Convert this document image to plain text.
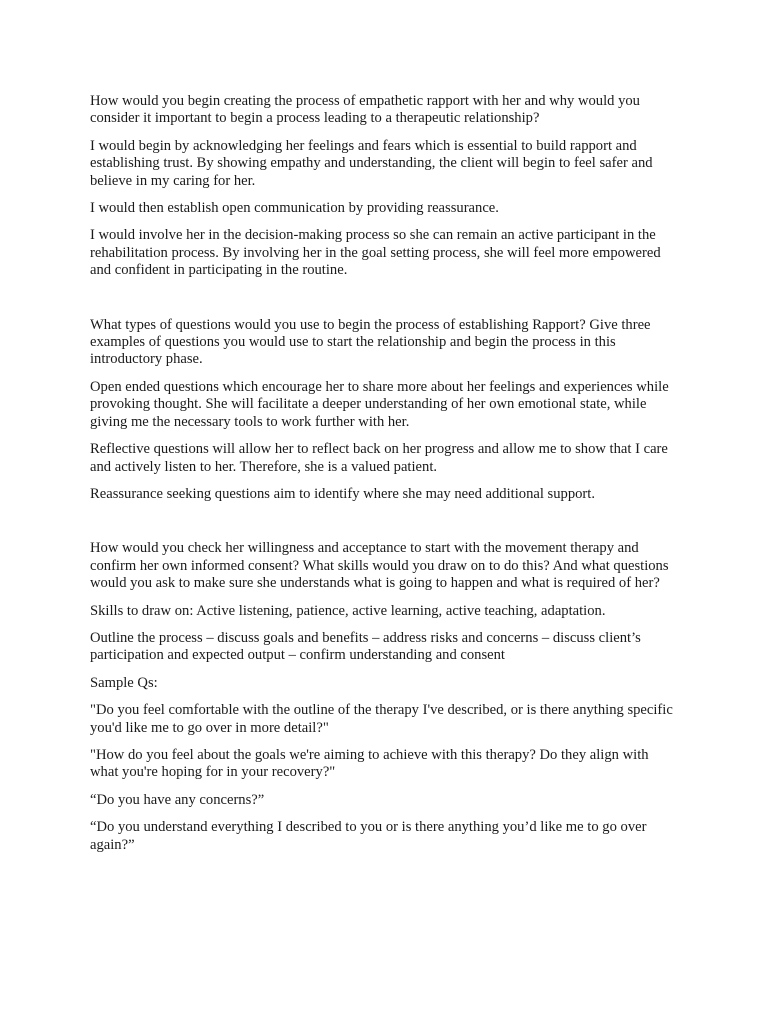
How would you begin creating the process of empathetic rapport with her and why would you consider it important to begin a process leading to a therapeutic relationship?

I would begin by acknowledging her feelings and fears which is essential to build rapport and establishing trust. By showing empathy and understanding, the client will begin to feel safer and believe in my caring for her.

I would then establish open communication by providing reassurance.

I would involve her in the decision-making process so she can remain an active participant in the rehabilitation process. By involving her in the goal setting process, she will feel more empowered and confident in participating in the routine.

What types of questions would you use to begin the process of establishing Rapport? Give three examples of questions you would use to start the relationship and begin the process in this introductory phase.

Open ended questions which encourage her to share more about her feelings and experiences while provoking thought. She will facilitate a deeper understanding of her own emotional state, while giving me the necessary tools to work further with her.

Reflective questions will allow her to reflect back on her progress and allow me to show that I care and actively listen to her. Therefore, she is a valued patient.

Reassurance seeking questions aim to identify where she may need additional support.

How would you check her willingness and acceptance to start with the movement therapy and confirm her own informed consent? What skills would you draw on to do this? And what questions would you ask to make sure she understands what is going to happen and what is required of her?

Skills to draw on: Active listening, patience, active learning, active teaching, adaptation.

Outline the process – discuss goals and benefits – address risks and concerns – discuss client’s participation and expected output – confirm understanding and consent

Sample Qs:

"Do you feel comfortable with the outline of the therapy I've described, or is there anything specific you'd like me to go over in more detail?"

"How do you feel about the goals we're aiming to achieve with this therapy? Do they align with what you're hoping for in your recovery?"

“Do you have any concerns?”

“Do you understand everything I described to you or is there anything you’d like me to go over again?”
